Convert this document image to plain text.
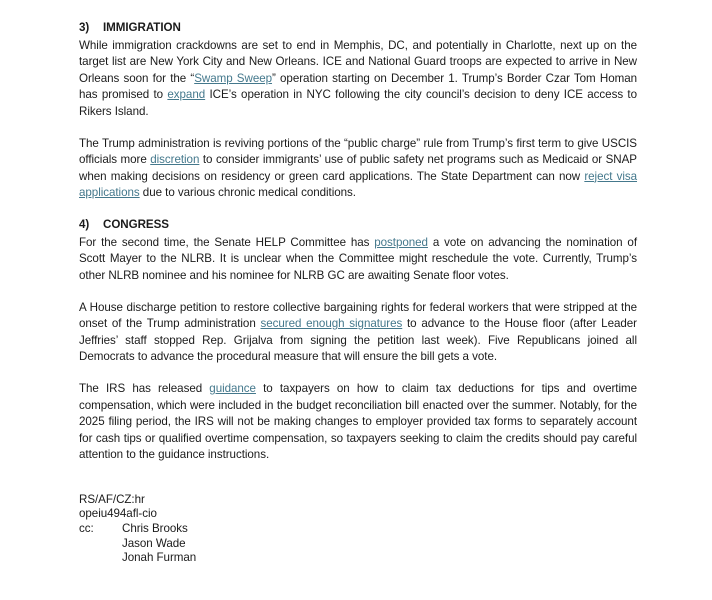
3) IMMIGRATION

While immigration crackdowns are set to end in Memphis, DC, and potentially in Charlotte, next up on the target list are New York City and New Orleans. ICE and National Guard troops are expected to arrive in New Orleans soon for the “Swamp Sweep” operation starting on December 1. Trump’s Border Czar Tom Homan has promised to expand ICE’s operation in NYC following the city council’s decision to deny ICE access to Rikers Island.

The Trump administration is reviving portions of the “public charge” rule from Trump’s first term to give USCIS officials more discretion to consider immigrants’ use of public safety net programs such as Medicaid or SNAP when making decisions on residency or green card applications. The State Department can now reject visa applications due to various chronic medical conditions.

4) CONGRESS

For the second time, the Senate HELP Committee has postponed a vote on advancing the nomination of Scott Mayer to the NLRB. It is unclear when the Committee might reschedule the vote. Currently, Trump’s other NLRB nominee and his nominee for NLRB GC are awaiting Senate floor votes.

A House discharge petition to restore collective bargaining rights for federal workers that were stripped at the onset of the Trump administration secured enough signatures to advance to the House floor (after Leader Jeffries’ staff stopped Rep. Grijalva from signing the petition last week). Five Republicans joined all Democrats to advance the procedural measure that will ensure the bill gets a vote.

The IRS has released guidance to taxpayers on how to claim tax deductions for tips and overtime compensation, which were included in the budget reconciliation bill enacted over the summer. Notably, for the 2025 filing period, the IRS will not be making changes to employer provided tax forms to separately account for cash tips or qualified overtime compensation, so taxpayers seeking to claim the credits should pay careful attention to the guidance instructions.

RS/AF/CZ:hr
opeiu494afl-cio
cc:	Chris Brooks
Jason Wade
Jonah Furman
